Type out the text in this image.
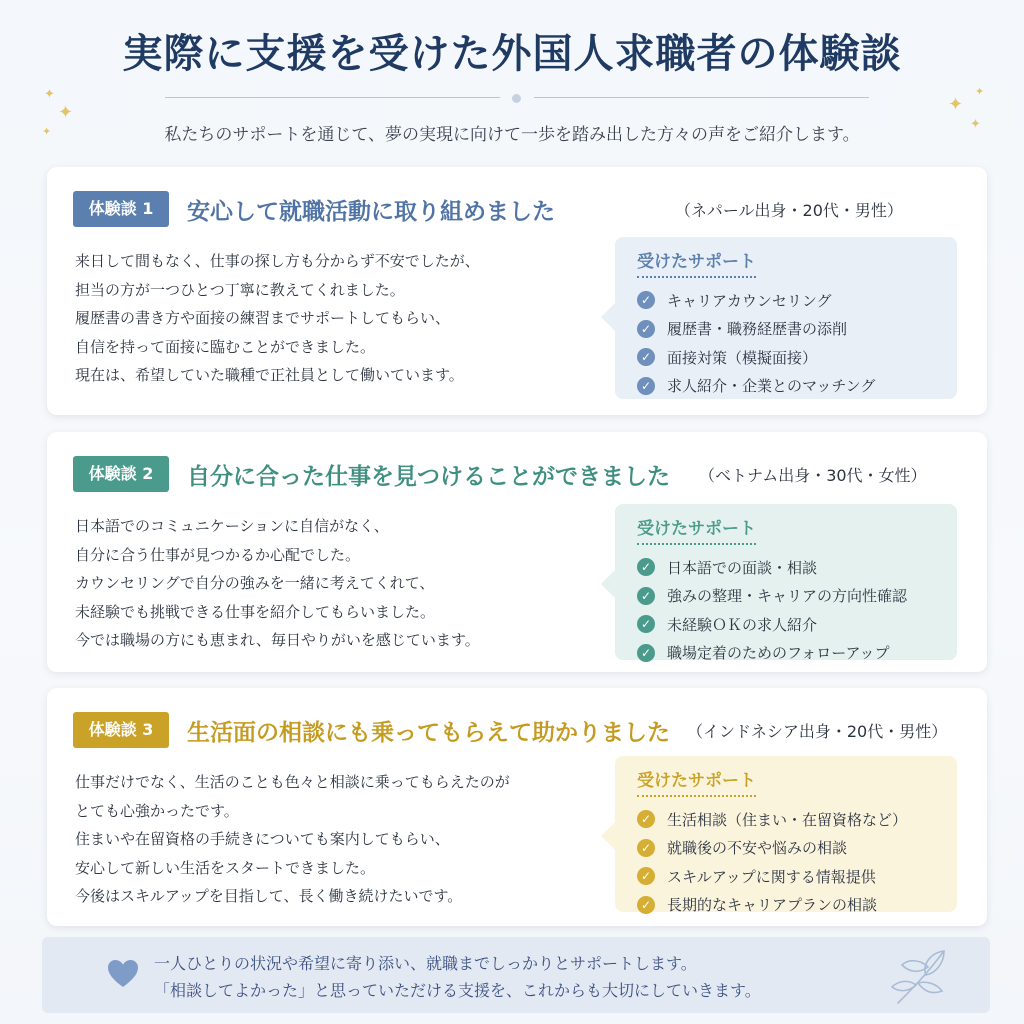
実際に支援を受けた外国人求職者の体験談
✦
✦
✦
✦
✦
✦
私たちのサポートを通じて、夢の実現に向けて一歩を踏み出した方々の声をご紹介します。
体験談 1	安心して就職活動に取り組めました	（ネパール出身・20代・男性）
来日して間もなく、仕事の探し方も分からず不安でしたが、
担当の方が一つひとつ丁寧に教えてくれました。
履歴書の書き方や面接の練習までサポートしてもらい、
自信を持って面接に臨むことができました。
現在は、希望していた職種で正社員として働いています。
受けたサポート
✓ キャリアカウンセリング
✓ 履歴書・職務経歴書の添削
✓ 面接対策（模擬面接）
✓ 求人紹介・企業とのマッチング
体験談 2	自分に合った仕事を見つけることができました （ベトナム出身・30代・女性）
日本語でのコミュニケーションに自信がなく、
自分に合う仕事が見つかるか心配でした。
カウンセリングで自分の強みを一緒に考えてくれて、
未経験でも挑戦できる仕事を紹介してもらいました。
今では職場の方にも恵まれ、毎日やりがいを感じています。
受けたサポート
✓ 日本語での面談・相談
✓ 強みの整理・キャリアの方向性確認
✓ 未経験ＯＫの求人紹介
✓ 職場定着のためのフォローアップ
体験談 3	生活面の相談にも乗ってもらえて助かりました （インドネシア出身・20代・男性）
仕事だけでなく、生活のことも色々と相談に乗ってもらえたのが
とても心強かったです。
住まいや在留資格の手続きについても案内してもらい、
安心して新しい生活をスタートできました。
今後はスキルアップを目指して、長く働き続けたいです。
受けたサポート
✓ 生活相談（住まい・在留資格など）
✓ 就職後の不安や悩みの相談
✓ スキルアップに関する情報提供
✓ 長期的なキャリアプランの相談
一人ひとりの状況や希望に寄り添い、就職までしっかりとサポートします。
「相談してよかった」と思っていただける支援を、これからも大切にしていきます。
